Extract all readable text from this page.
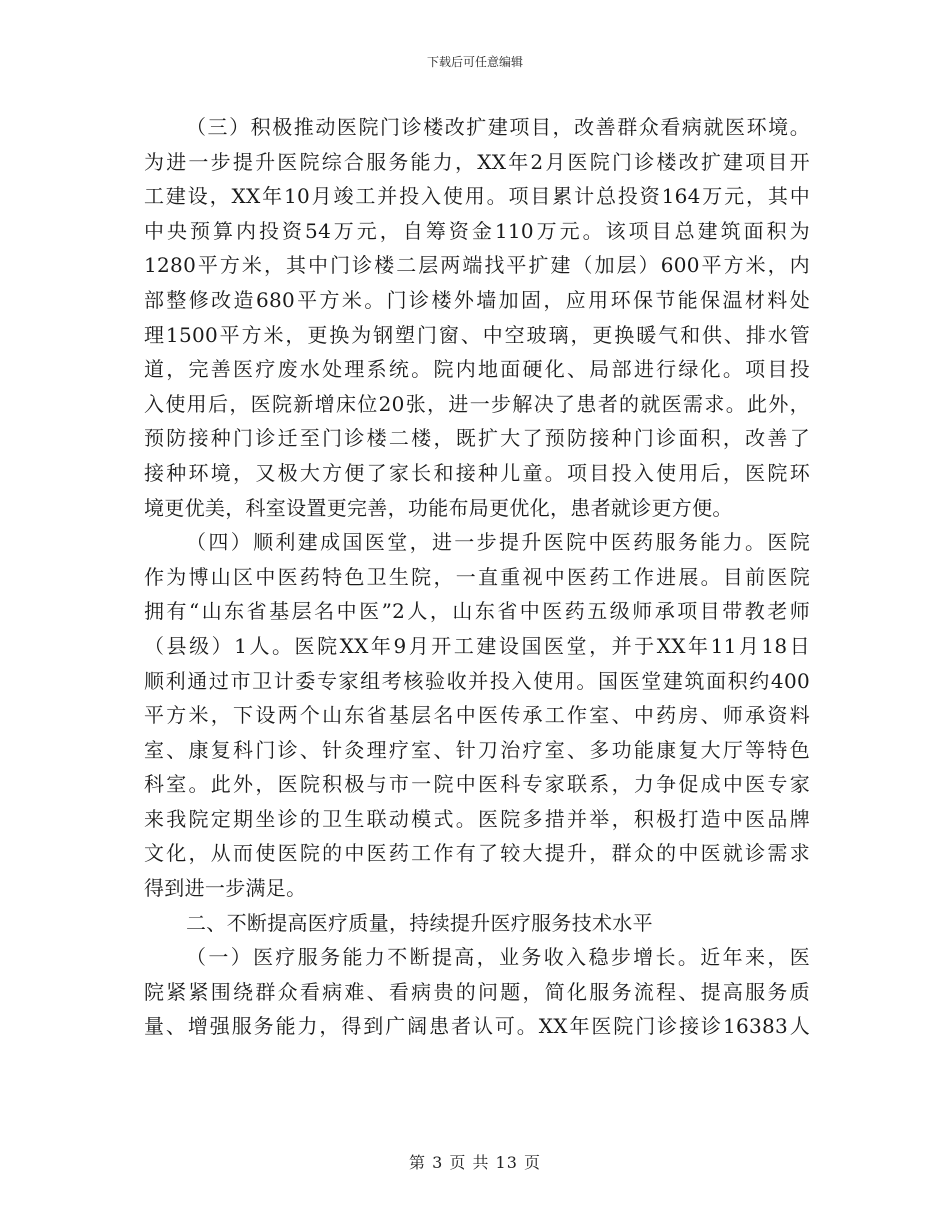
下载后可任意编辑
（三）积极推动医院门诊楼改扩建项目，改善群众看病就医环境。
为进一步提升医院综合服务能力，XX年2月医院门诊楼改扩建项目开
工建设，XX年10月竣工并投入使用。项目累计总投资164万元，其中
中央预算内投资54万元，自筹资金110万元。该项目总建筑面积为
1280平方米，其中门诊楼二层两端找平扩建（加层）600平方米，内
部整修改造680平方米。门诊楼外墙加固，应用环保节能保温材料处
理1500平方米，更换为钢塑门窗、中空玻璃，更换暖气和供、排水管
道，完善医疗废水处理系统。院内地面硬化、局部进行绿化。项目投
入使用后，医院新增床位20张，进一步解决了患者的就医需求。此外，
预防接种门诊迁至门诊楼二楼，既扩大了预防接种门诊面积，改善了
接种环境，又极大方便了家长和接种儿童。项目投入使用后，医院环
境更优美，科室设置更完善，功能布局更优化，患者就诊更方便。
（四）顺利建成国医堂，进一步提升医院中医药服务能力。医院
作为博山区中医药特色卫生院，一直重视中医药工作进展。目前医院
拥有“山东省基层名中医”2人，山东省中医药五级师承项目带教老师
（县级）1人。医院XX年9月开工建设国医堂，并于XX年11月18日
顺利通过市卫计委专家组考核验收并投入使用。国医堂建筑面积约400
平方米，下设两个山东省基层名中医传承工作室、中药房、师承资料
室、康复科门诊、针灸理疗室、针刀治疗室、多功能康复大厅等特色
科室。此外，医院积极与市一院中医科专家联系，力争促成中医专家
来我院定期坐诊的卫生联动模式。医院多措并举，积极打造中医品牌
文化，从而使医院的中医药工作有了较大提升，群众的中医就诊需求
得到进一步满足。
二、不断提高医疗质量，持续提升医疗服务技术水平
（一）医疗服务能力不断提高，业务收入稳步增长。近年来，医
院紧紧围绕群众看病难、看病贵的问题，简化服务流程、提高服务质
量、增强服务能力，得到广阔患者认可。XX年医院门诊接诊16383人
第 3 页 共 13 页
